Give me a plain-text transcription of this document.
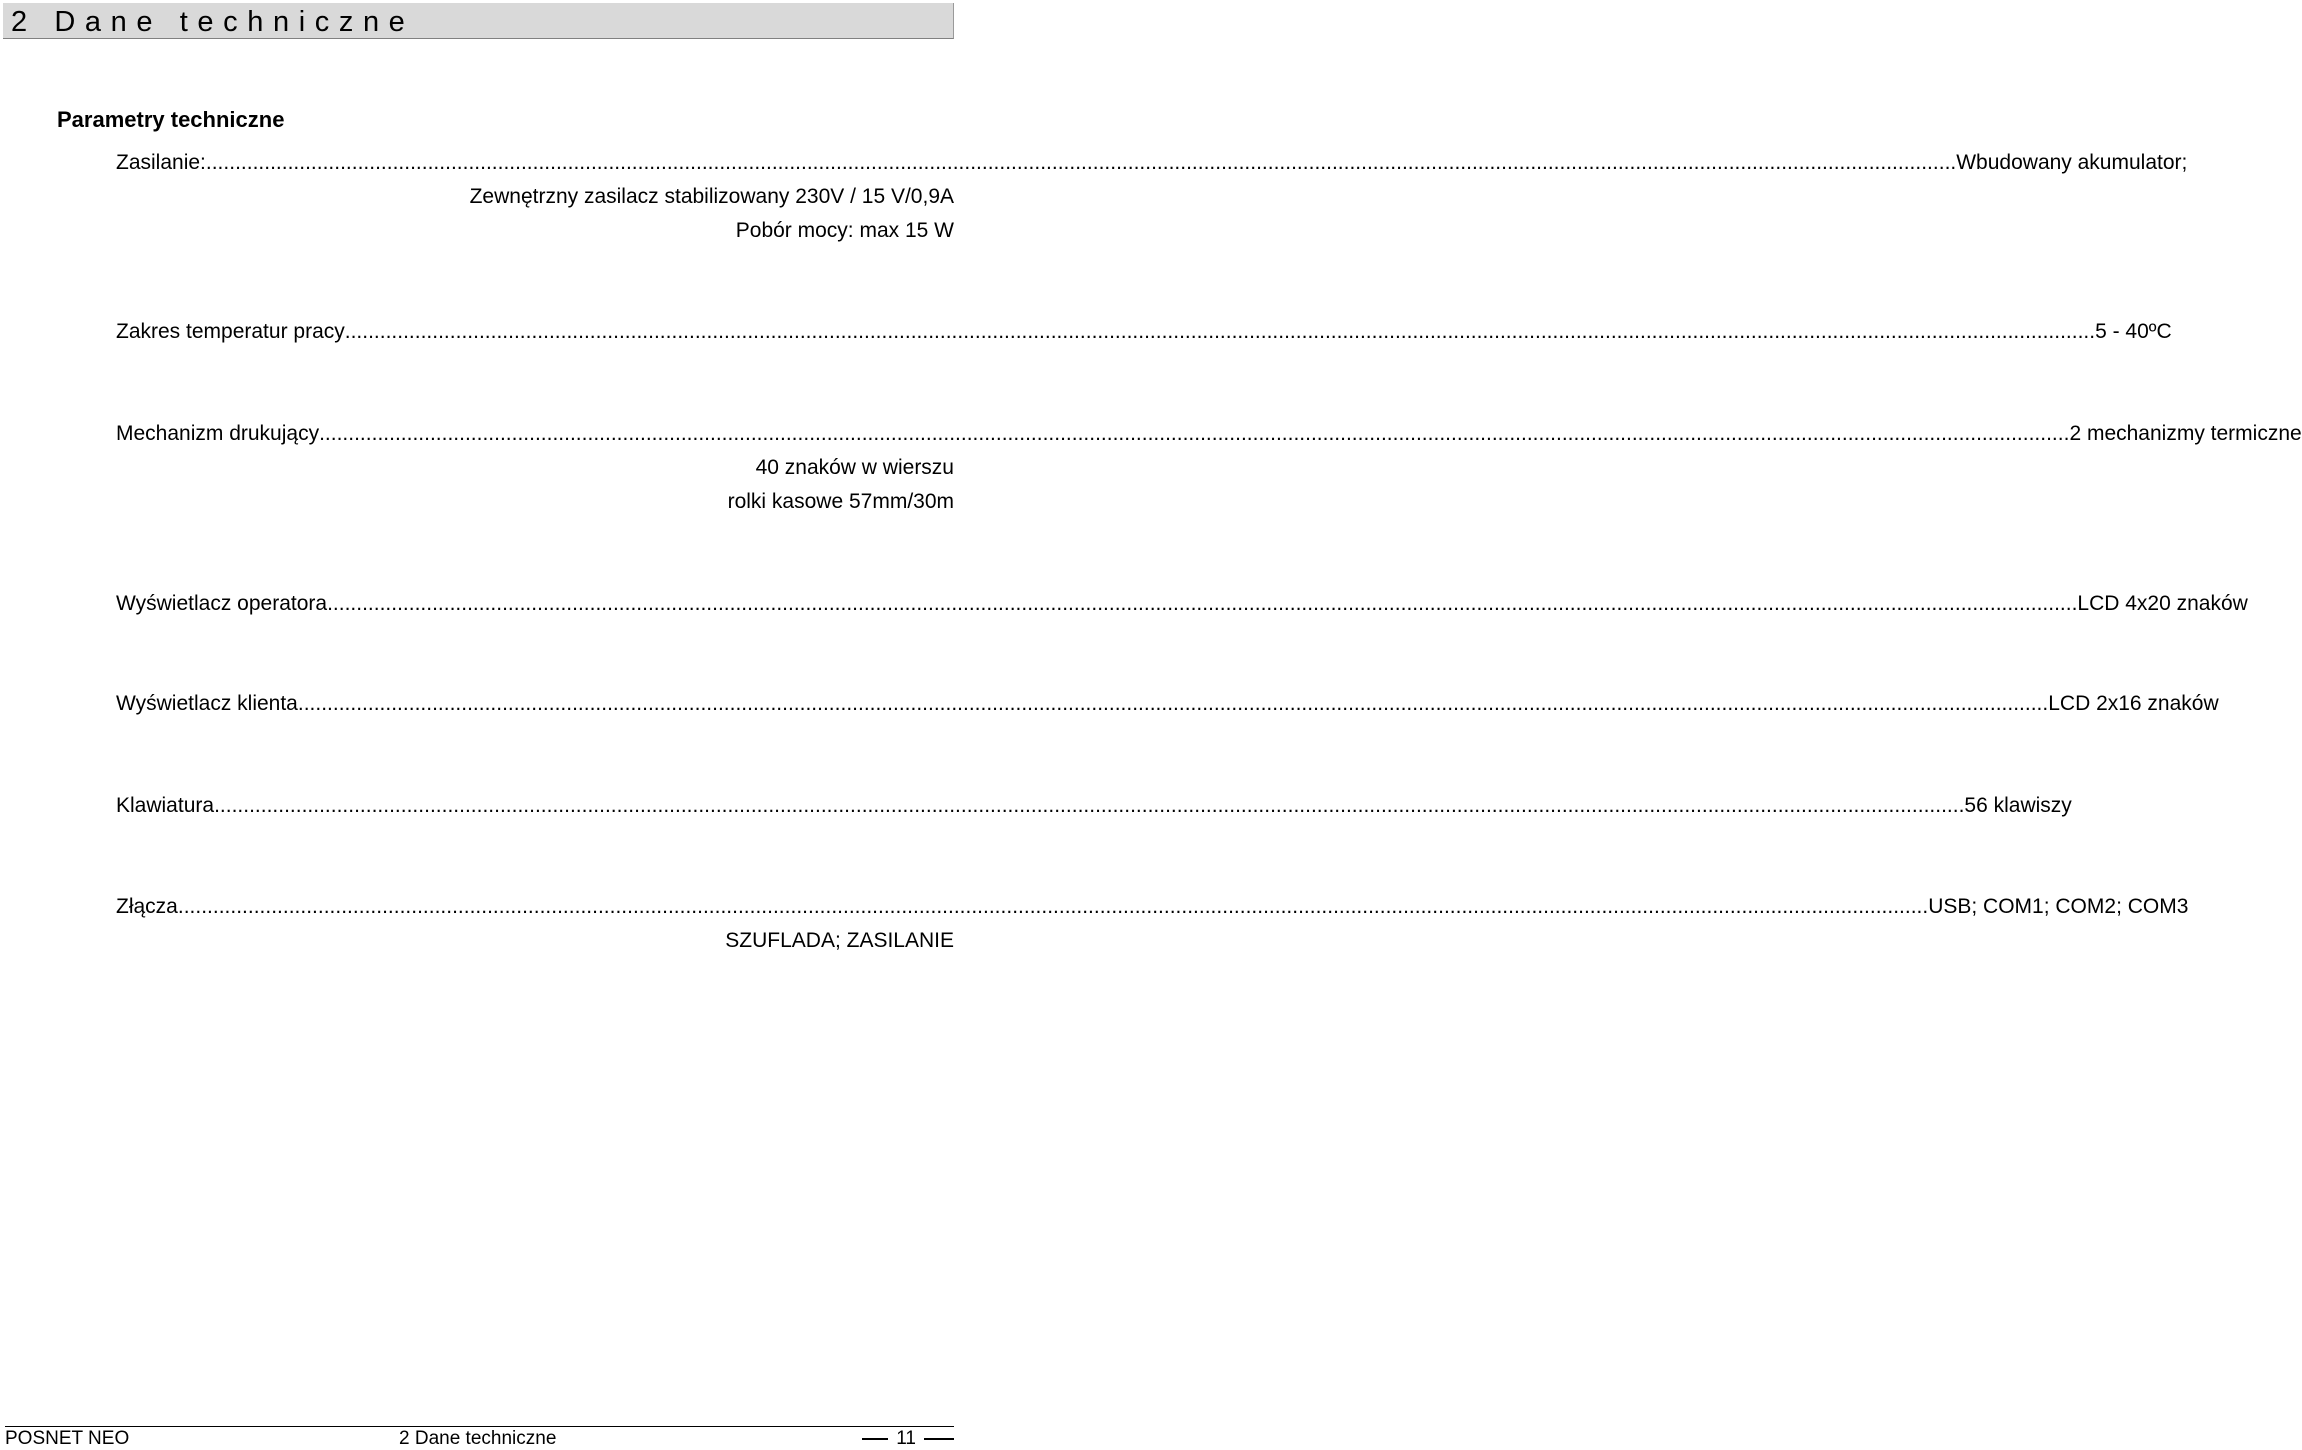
2 Dane techniczne
Parametry techniczne
Zasilanie: ............................................................................................................................................................................................................................................................................................................ Wbudowany akumulator;
Zewnętrzny zasilacz stabilizowany 230V / 15 V/0,9A
Pobór mocy: max 15 W
Zakres temperatur pracy ............................................................................................................................................................................................................................................................................................................ 5 - 40ºC
Mechanizm drukujący ............................................................................................................................................................................................................................................................................................................ 2 mechanizmy termiczne
40 znaków w wierszu
rolki kasowe 57mm/30m
Wyświetlacz operatora ............................................................................................................................................................................................................................................................................................................ LCD 4x20 znaków
Wyświetlacz klienta ............................................................................................................................................................................................................................................................................................................ LCD 2x16 znaków
Klawiatura ............................................................................................................................................................................................................................................................................................................ 56 klawiszy
Złącza ............................................................................................................................................................................................................................................................................................................ USB; COM1; COM2; COM3
SZUFLADA; ZASILANIE
POSNET NEO	2 Dane techniczne	11
